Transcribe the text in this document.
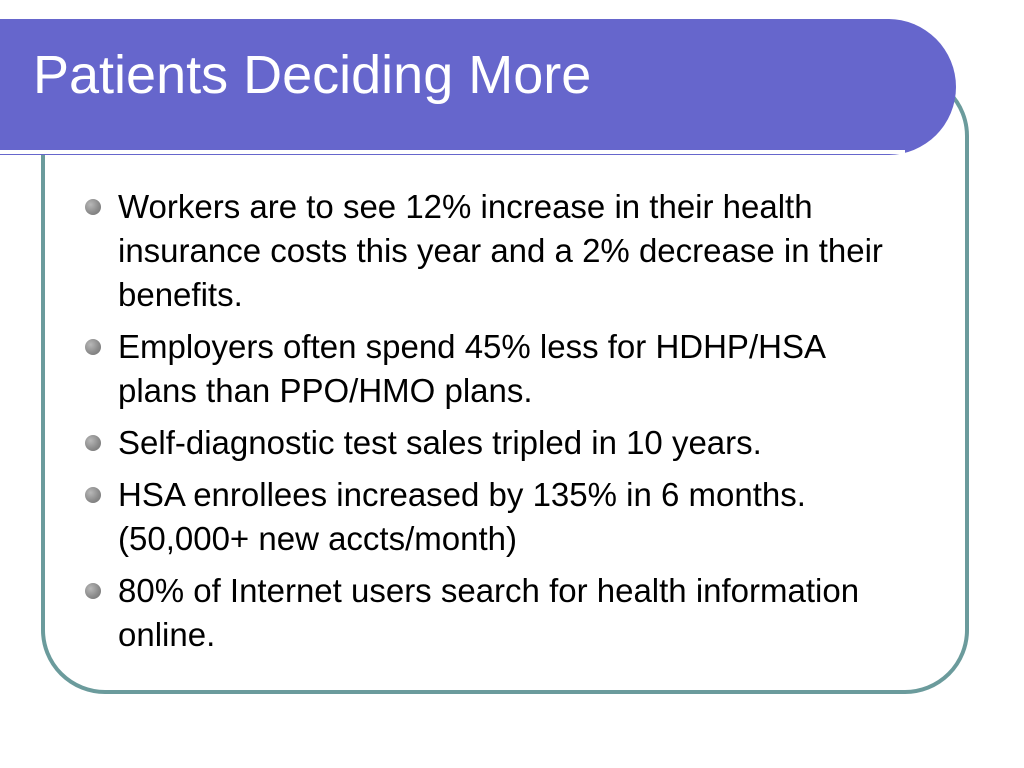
Patients Deciding More
Workers are to see 12% increase in their health insurance costs this year and a 2% decrease in their benefits.
Employers often spend 45% less for HDHP/HSA plans than PPO/HMO plans.
Self-diagnostic test sales tripled in 10 years.
HSA enrollees increased by 135% in 6 months. (50,000+ new accts/month)
80% of Internet users search for health information online.
